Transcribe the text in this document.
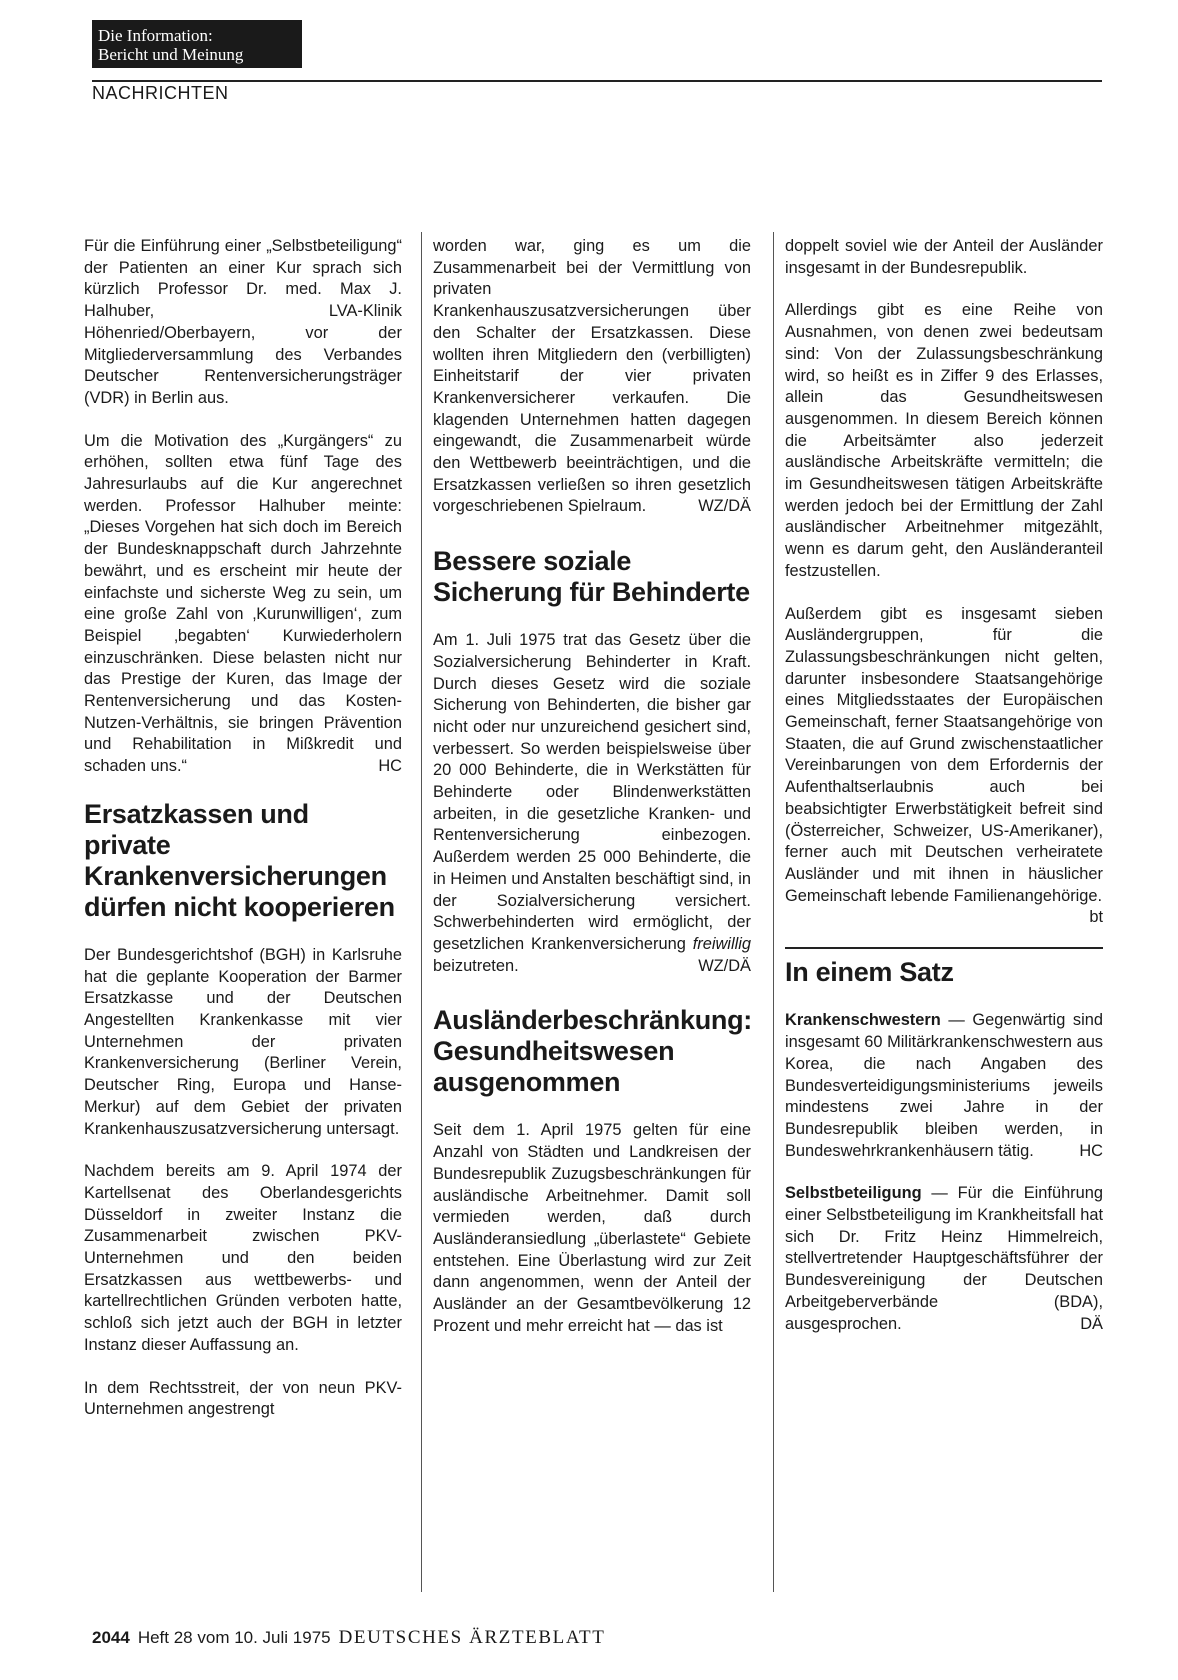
Die Information:
Bericht und Meinung
NACHRICHTEN

Für die Einführung einer „Selbstbeteiligung“ der Patienten an einer Kur sprach sich kürzlich Professor Dr. med. Max J. Halhuber, LVA-Klinik Höhenried/Oberbayern, vor der Mitgliederversammlung des Verbandes Deutscher Rentenversicherungsträger (VDR) in Berlin aus.

Um die Motivation des „Kurgängers“ zu erhöhen, sollten etwa fünf Tage des Jahresurlaubs auf die Kur angerechnet werden. Professor Halhuber meinte: „Dieses Vorgehen hat sich doch im Bereich der Bundesknappschaft durch Jahrzehnte bewährt, und es erscheint mir heute der einfachste und sicherste Weg zu sein, um eine große Zahl von ‚Kurunwilligen‘, zum Beispiel ‚begabten‘ Kurwiederholern einzuschränken. Diese belasten nicht nur das Prestige der Kuren, das Image der Rentenversicherung und das Kosten-Nutzen-Verhältnis, sie bringen Prävention und Rehabilitation in Mißkredit und schaden uns.“	HC

Ersatzkassen und private Krankenversicherungen dürfen nicht kooperieren

Der Bundesgerichtshof (BGH) in Karlsruhe hat die geplante Kooperation der Barmer Ersatzkasse und der Deutschen Angestellten Krankenkasse mit vier Unternehmen der privaten Krankenversicherung (Berliner Verein, Deutscher Ring, Europa und Hanse-Merkur) auf dem Gebiet der privaten Krankenhauszusatzversicherung untersagt.

Nachdem bereits am 9. April 1974 der Kartellsenat des Oberlandesgerichts Düsseldorf in zweiter Instanz die Zusammenarbeit zwischen PKV-Unternehmen und den beiden Ersatzkassen aus wettbewerbs- und kartellrechtlichen Gründen verboten hatte, schloß sich jetzt auch der BGH in letzter Instanz dieser Auffassung an.

In dem Rechtsstreit, der von neun PKV-Unternehmen angestrengt

worden war, ging es um die Zusammenarbeit bei der Vermittlung von privaten Krankenhauszusatzversicherungen über den Schalter der Ersatzkassen. Diese wollten ihren Mitgliedern den (verbilligten) Einheitstarif der vier privaten Krankenversicherer verkaufen. Die klagenden Unternehmen hatten dagegen eingewandt, die Zusammenarbeit würde den Wettbewerb beeinträchtigen, und die Ersatzkassen verließen so ihren gesetzlich vorgeschriebenen Spielraum.	WZ/DÄ

Bessere soziale Sicherung für Behinderte

Am 1. Juli 1975 trat das Gesetz über die Sozialversicherung Behinderter in Kraft. Durch dieses Gesetz wird die soziale Sicherung von Behinderten, die bisher gar nicht oder nur unzureichend gesichert sind, verbessert. So werden beispielsweise über 20 000 Behinderte, die in Werkstätten für Behinderte oder Blindenwerkstätten arbeiten, in die gesetzliche Kranken- und Rentenversicherung einbezogen. Außerdem werden 25 000 Behinderte, die in Heimen und Anstalten beschäftigt sind, in der Sozialversicherung versichert. Schwerbehinderten wird ermöglicht, der gesetzlichen Krankenversicherung freiwillig beizutreten.	WZ/DÄ

Ausländerbeschränkung: Gesundheitswesen ausgenommen

Seit dem 1. April 1975 gelten für eine Anzahl von Städten und Landkreisen der Bundesrepublik Zuzugsbeschränkungen für ausländische Arbeitnehmer. Damit soll vermieden werden, daß durch Ausländeransiedlung „überlastete“ Gebiete entstehen. Eine Überlastung wird zur Zeit dann angenommen, wenn der Anteil der Ausländer an der Gesamtbevölkerung 12 Prozent und mehr erreicht hat — das ist

doppelt soviel wie der Anteil der Ausländer insgesamt in der Bundesrepublik.

Allerdings gibt es eine Reihe von Ausnahmen, von denen zwei bedeutsam sind: Von der Zulassungsbeschränkung wird, so heißt es in Ziffer 9 des Erlasses, allein das Gesundheitswesen ausgenommen. In diesem Bereich können die Arbeitsämter also jederzeit ausländische Arbeitskräfte vermitteln; die im Gesundheitswesen tätigen Arbeitskräfte werden jedoch bei der Ermittlung der Zahl ausländischer Arbeitnehmer mitgezählt, wenn es darum geht, den Ausländeranteil festzustellen.

Außerdem gibt es insgesamt sieben Ausländergruppen, für die Zulassungsbeschränkungen nicht gelten, darunter insbesondere Staatsangehörige eines Mitgliedsstaates der Europäischen Gemeinschaft, ferner Staatsangehörige von Staaten, die auf Grund zwischenstaatlicher Vereinbarungen von dem Erfordernis der Aufenthaltserlaubnis auch bei beabsichtigter Erwerbstätigkeit befreit sind (Österreicher, Schweizer, US-Amerikaner), ferner auch mit Deutschen verheiratete Ausländer und mit ihnen in häuslicher Gemeinschaft lebende Familienangehörige.
bt

In einem Satz

Krankenschwestern — Gegenwärtig sind insgesamt 60 Militärkrankenschwestern aus Korea, die nach Angaben des Bundesverteidigungsministeriums jeweils mindestens zwei Jahre in der Bundesrepublik bleiben werden, in Bundeswehrkrankenhäusern tätig.	HC

Selbstbeteiligung — Für die Einführung einer Selbstbeteiligung im Krankheitsfall hat sich Dr. Fritz Heinz Himmelreich, stellvertretender Hauptgeschäftsführer der Bundesvereinigung der Deutschen Arbeitgeberverbände (BDA), ausgesprochen.	DÄ

2044 Heft 28 vom 10. Juli 1975 DEUTSCHES ÄRZTEBLATT
